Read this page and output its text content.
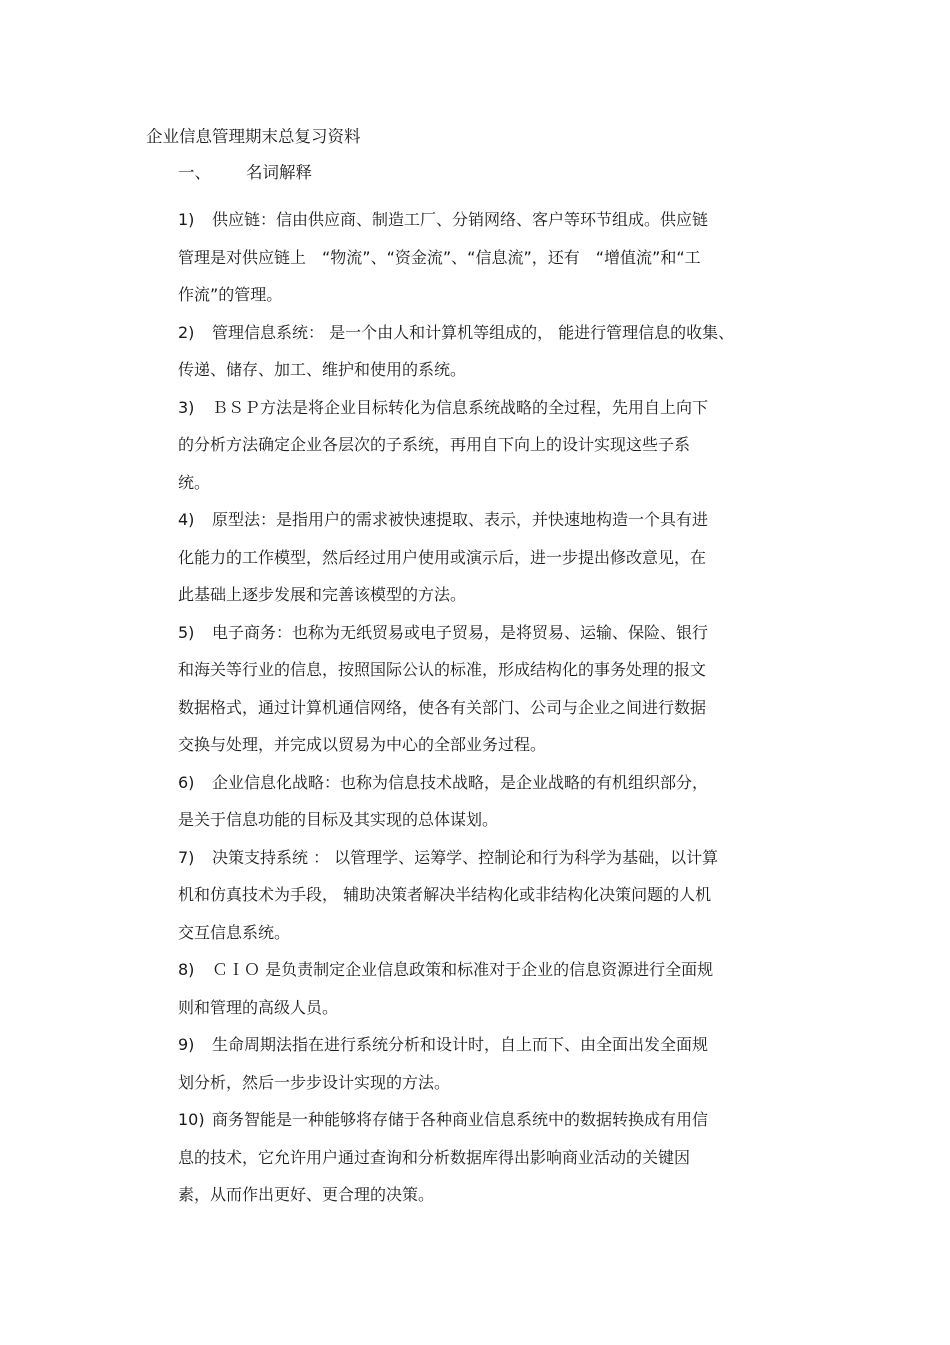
企业信息管理期末总复习资料
一、 名词解释
1) 供应链：信由供应商、制造工厂、分销网络、客户等环节组成。供应链
管理是对供应链上　“物流”、“资金流”、“信息流”，还有　“增值流”和“工
作流”的管理。
2) 管理信息系统： 是一个由人和计算机等组成的， 能进行管理信息的收集、
传递、储存、加工、维护和使用的系统。
3) ＢＳＰ方法是将企业目标转化为信息系统战略的全过程，先用自上向下
的分析方法确定企业各层次的子系统，再用自下向上的设计实现这些子系
统。
4) 原型法：是指用户的需求被快速提取、表示，并快速地构造一个具有进
化能力的工作模型，然后经过用户使用或演示后，进一步提出修改意见，在
此基础上逐步发展和完善该模型的方法。
5) 电子商务：也称为无纸贸易或电子贸易，是将贸易、运输、保险、银行
和海关等行业的信息，按照国际公认的标准，形成结构化的事务处理的报文
数据格式，通过计算机通信网络，使各有关部门、公司与企业之间进行数据
交换与处理，并完成以贸易为中心的全部业务过程。
6) 企业信息化战略：也称为信息技术战略，是企业战略的有机组织部分，
是关于信息功能的目标及其实现的总体谋划。
7) 决策支持系统 ： 以管理学、运筹学、控制论和行为科学为基础，以计算
机和仿真技术为手段， 辅助决策者解决半结构化或非结构化决策问题的人机
交互信息系统。
8) ＣＩＯ 是负责制定企业信息政策和标准对于企业的信息资源进行全面规
则和管理的高级人员。
9) 生命周期法指在进行系统分析和设计时，自上而下、由全面出发全面规
划分析，然后一步步设计实现的方法。
10) 商务智能是一种能够将存储于各种商业信息系统中的数据转换成有用信
息的技术，它允许用户通过查询和分析数据库得出影响商业活动的关键因
素，从而作出更好、更合理的决策。
